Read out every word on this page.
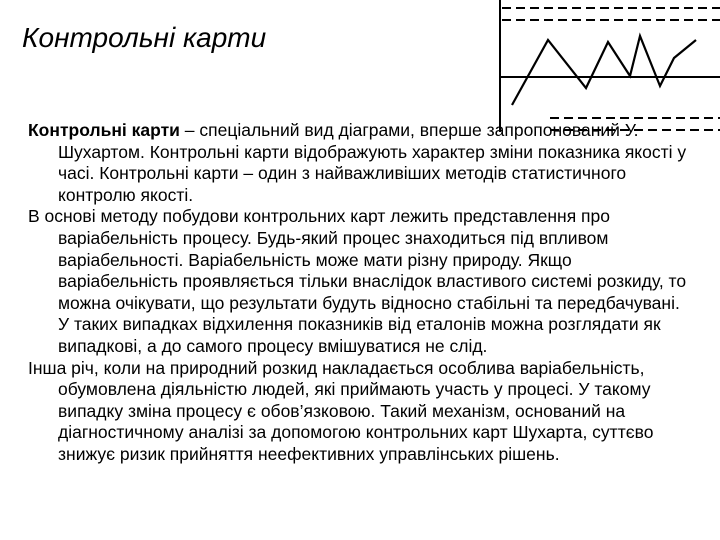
Контрольні карти

Контрольні карти – спеціальний вид діаграми, вперше запропонований У. Шухартом. Контрольні карти відображують характер зміни показника якості у часі. Контрольні карти – один з найважливіших методів статистичного контролю якості.

В основі методу побудови контрольних карт лежить представлення про варіабельність процесу. Будь-який процес знаходиться під впливом варіабельності. Варіабельність може мати різну природу. Якщо варіабельність проявляється тільки внаслідок властивого системі розкиду, то можна очікувати, що результати будуть відносно стабільні та передбачувані. У таких випадках відхилення показників від еталонів можна розглядати як випадкові, а до самого процесу вмішуватися не слід.

Інша річ, коли на природний розкид накладається особлива варіабельність, обумовлена діяльністю людей, які приймають участь у процесі. У такому випадку зміна процесу є обов’язковою. Такий механізм, оснований на діагностичному аналізі за допомогою контрольних карт Шухарта, суттєво знижує ризик прийняття неефективних управлінських рішень.
